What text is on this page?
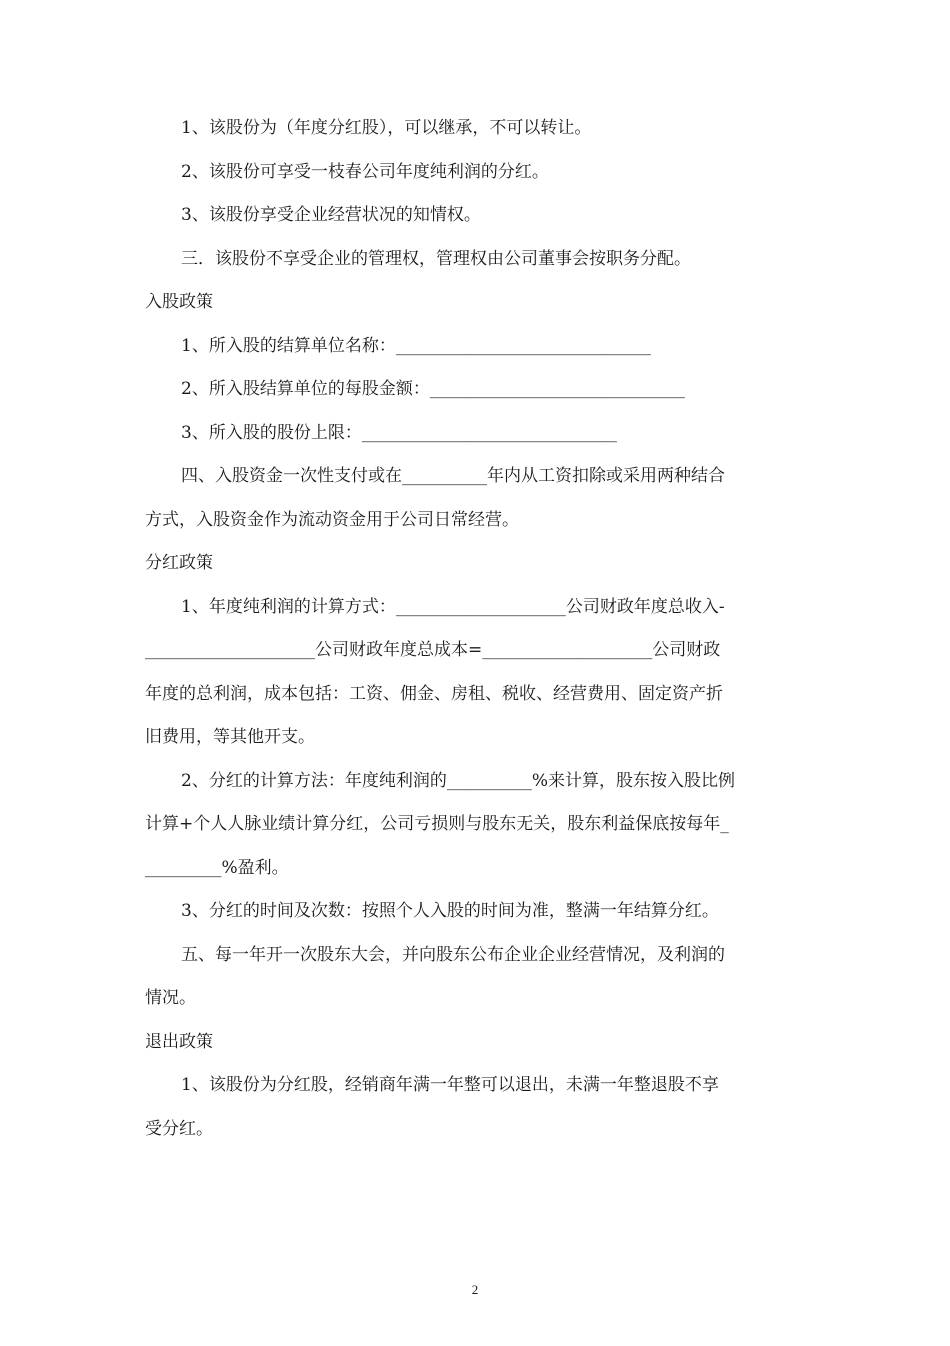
1、该股份为（年度分红股），可以继承，不可以转让。

2、该股份可享受一枝春公司年度纯利润的分红。

3、该股份享受企业经营状况的知情权。

三．该股份不享受企业的管理权，管理权由公司董事会按职务分配。

入股政策

1、所入股的结算单位名称：______________________________

2、所入股结算单位的每股金额：______________________________

3、所入股的股份上限：______________________________

四、入股资金一次性支付或在__________年内从工资扣除或采用两种结合

方式，入股资金作为流动资金用于公司日常经营。

分红政策

1、年度纯利润的计算方式：____________________公司财政年度总收入-

____________________公司财政年度总成本=____________________公司财政

年度的总利润，成本包括：工资、佣金、房租、税收、经营费用、固定资产折

旧费用，等其他开支。

2、分红的计算方法：年度纯利润的__________%来计算，股东按入股比例

计算+个人人脉业绩计算分红，公司亏损则与股东无关，股东利益保底按每年_

_________%盈利。

3、分红的时间及次数：按照个人入股的时间为准，整满一年结算分红。

五、每一年开一次股东大会，并向股东公布企业企业经营情况，及利润的

情况。

退出政策

1、该股份为分红股，经销商年满一年整可以退出，未满一年整退股不享

受分红。

2
